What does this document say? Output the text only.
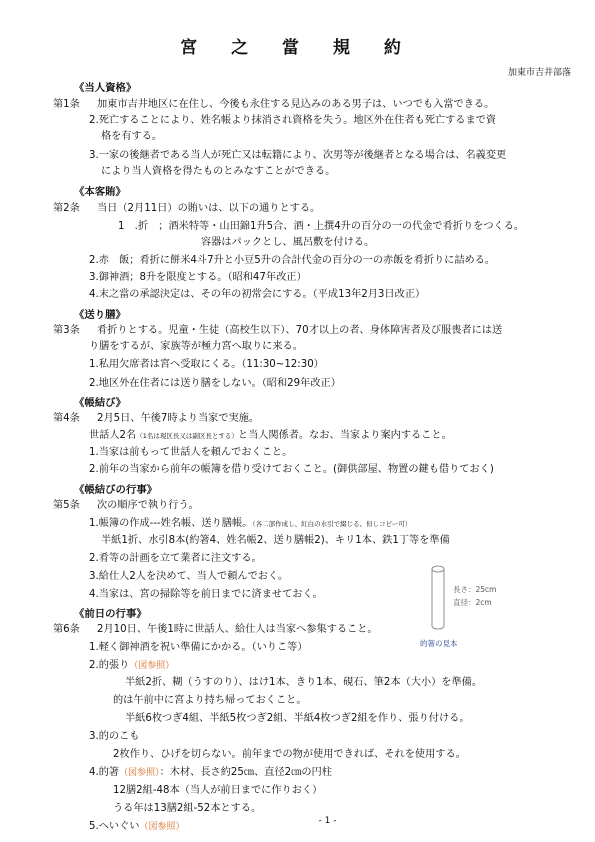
宮 之 當 規 約
加東市吉井部落
《当人資格》
第1条 加東市吉井地区に在住し、今後も永住する見込みのある男子は、いつでも入當できる。
2.死亡することにより、姓名帳より抹消され資格を失う。地区外在住者も死亡するまで資
格を有する。
3.一家の後継者である当人が死亡又は転籍により、次男等が後継者となる場合は、名義変更
により当人資格を得たものとみなすことができる。
《本客賄》
第2条 当日（2月11日）の賄いは、以下の通りとする。
1　.折　；酒米特等・山田錦1升5合、酒・上撰4升の百分の一の代金で肴折りをつくる。
容器はパックとし、風呂敷を付ける。
2.赤　飯；肴折に餅米4斗7升と小豆5升の合計代金の百分の一の赤飯を肴折りに詰める。
3.御神酒；8升を限度とする。（昭和47年改正）
4.末之當の承認決定は、その年の初常会にする。（平成13年2月3日改正）
《送り膳》
第3条 肴折りとする。児童・生徒（高校生以下）、70才以上の者、身体障害者及び服喪者には送
り膳をするが、家族等が極力宮へ取りに来る。
1.私用欠席者は宮へ受取にくる。（11:30~12:30）
2.地区外在住者には送り膳をしない。（昭和29年改正）
《帳結び》
第4条 2月5日、午後7時より当家で実施。
世話人2名（1名は現区長又は副区長とする）と当人関係者。なお、当家より案内すること。
1.当家は前もって世話人を頼んでおくこと。
2.前年の当家から前年の帳簿を借り受けておくこと。(御供部屋、物置の鍵も借りておく)
《帳結びの行事》
第5条 次の順序で執り行う。
1.帳簿の作成---姓名帳、送り膳帳。（各二部作成し、紅白の水引で綴じる。但しコピー可）
半紙1折、水引8本(約箸4、姓名帳2、送り膳帳2)、キリ1本、鉄1丁等を準備
2.肴等の計画を立て業者に注文する。
3.給仕人2人を決めて、当人で頼んでおく。
4.当家は、宮の掃除等を前日までに済ませておく。	長さ：25cm
直径：2cm
的箸の見本
《前日の行事》
第6条 2月10日、午後1時に世話人、給仕人は当家へ参集すること。
1.軽く御神酒を祝い準備にかかる。（いりこ等）
2.的張り（図参照）
半紙2折、糊（うすのり）、はけ1本、きり1本、硯石、筆2本（大小）を準備。
的は午前中に宮より持ち帰っておくこと。
半紙6枚つぎ4組、半紙5枚つぎ2組、半紙4枚つぎ2組を作り、張り付ける。
3.的のこも
2枚作り、ひげを切らない。前年までの物が使用できれば、それを使用する。
4.的箸（図参照）：木材、長さ約25㎝、直径2㎝の円柱
12膳2組-48本（当人が前日までに作りおく）
うる年は13膳2組-52本とする。
5.へいぐい（図参照）
- 1 -
